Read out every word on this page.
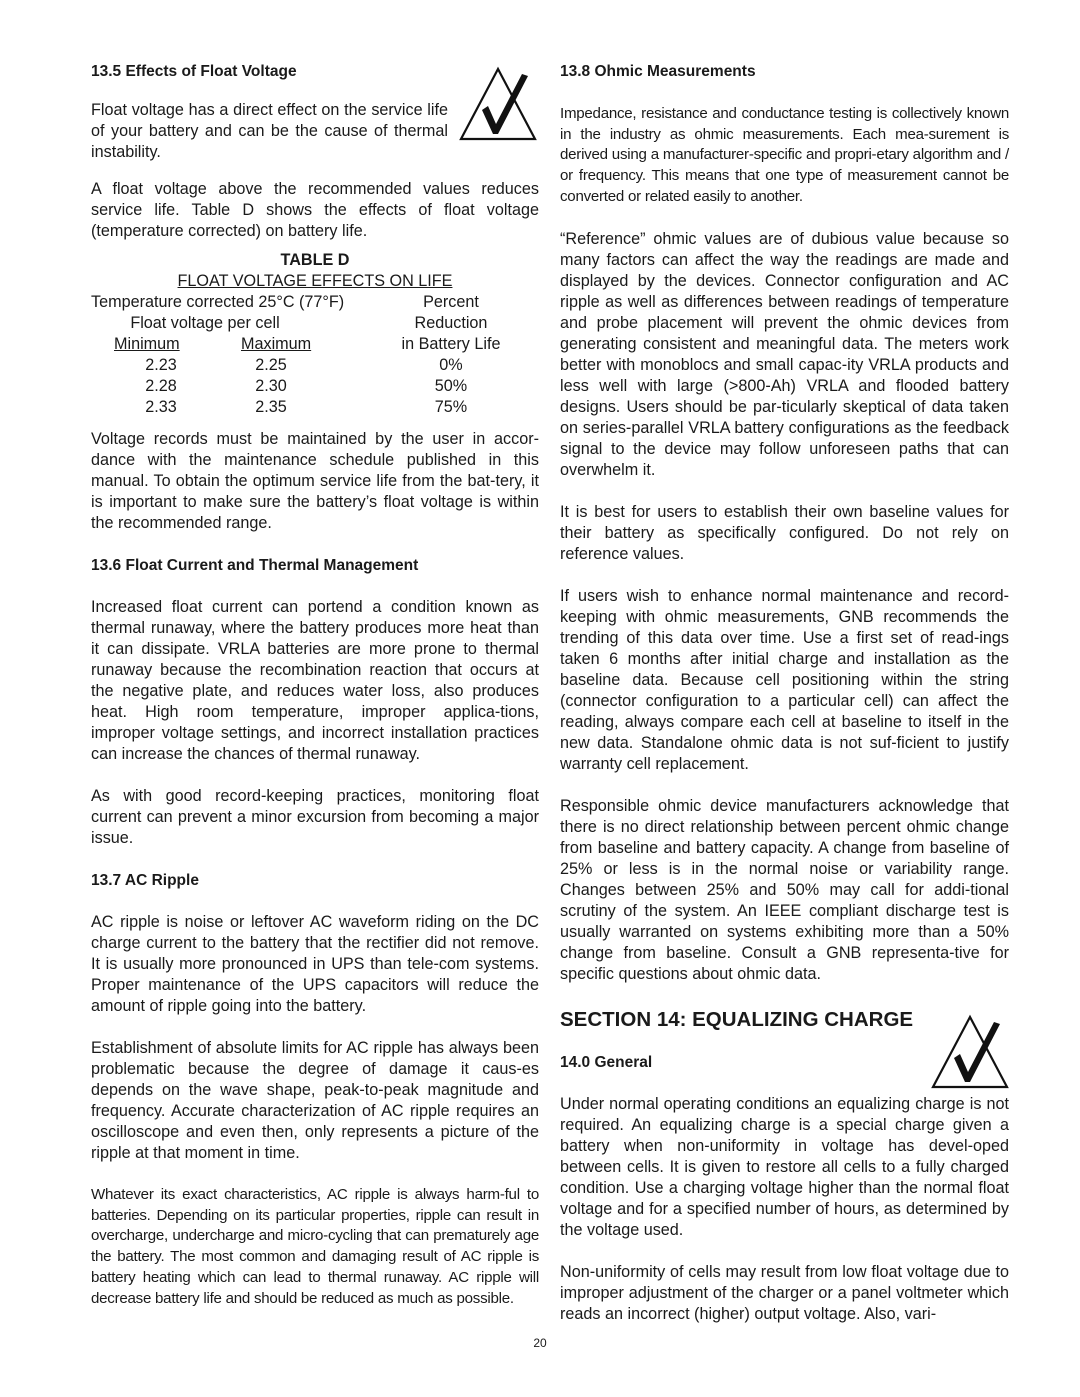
13.5 Effects of Float Voltage
Float voltage has a direct effect on the service life of your battery and can be the cause of thermal instability.
A float voltage above the recommended values reduces service life. Table D shows the effects of float voltage (temperature corrected) on battery life.
TABLE D
FLOAT VOLTAGE EFFECTS ON LIFE
Temperature corrected 25°C (77°F)	Percent
Float voltage per cell	Reduction
Minimum	Maximum	in Battery Life
2.23	2.25	0%
2.28	2.30	50%
2.33	2.35	75%
Voltage records must be maintained by the user in accor-dance with the maintenance schedule published in this manual. To obtain the optimum service life from the bat-tery, it is important to make sure the battery’s float voltage is within the recommended range.
13.6 Float Current and Thermal Management
Increased float current can portend a condition known as thermal runaway, where the battery produces more heat than it can dissipate. VRLA batteries are more prone to thermal runaway because the recombination reaction that occurs at the negative plate, and reduces water loss, also produces heat. High room temperature, improper applica-tions, improper voltage settings, and incorrect installation practices can increase the chances of thermal runaway.
As with good record-keeping practices, monitoring float current can prevent a minor excursion from becoming a major issue.
13.7 AC Ripple
AC ripple is noise or leftover AC waveform riding on the DC charge current to the battery that the rectifier did not remove. It is usually more pronounced in UPS than tele-com systems. Proper maintenance of the UPS capacitors will reduce the amount of ripple going into the battery.
Establishment of absolute limits for AC ripple has always been problematic because the degree of damage it caus-es depends on the wave shape, peak-to-peak magnitude and frequency. Accurate characterization of AC ripple requires an oscilloscope and even then, only represents a picture of the ripple at that moment in time.
Whatever its exact characteristics, AC ripple is always harm-ful to batteries. Depending on its particular properties, ripple can result in overcharge, undercharge and micro-cycling that can prematurely age the battery. The most common and damaging result of AC ripple is battery heating which can lead to thermal runaway. AC ripple will decrease battery life and should be reduced as much as possible.
13.8 Ohmic Measurements
Impedance, resistance and conductance testing is collectively known in the industry as ohmic measurements. Each mea-surement is derived using a manufacturer-specific and propri-etary algorithm and / or frequency. This means that one type of measurement cannot be converted or related easily to another.
“Reference” ohmic values are of dubious value because so many factors can affect the way the readings are made and displayed by the devices. Connector configuration and AC ripple as well as differences between readings of temperature and probe placement will prevent the ohmic devices from generating consistent and meaningful data. The meters work better with monoblocs and small capac-ity VRLA products and less well with large (>800-Ah) VRLA and flooded battery designs. Users should be par-ticularly skeptical of data taken on series-parallel VRLA battery configurations as the feedback signal to the device may follow unforeseen paths that can overwhelm it.
It is best for users to establish their own baseline values for their battery as specifically configured. Do not rely on reference values.
If users wish to enhance normal maintenance and record-keeping with ohmic measurements, GNB recommends the trending of this data over time. Use a first set of read-ings taken 6 months after initial charge and installation as the baseline data. Because cell positioning within the string (connector configuration to a particular cell) can affect the reading, always compare each cell at baseline to itself in the new data. Standalone ohmic data is not suf-ficient to justify warranty cell replacement.
Responsible ohmic device manufacturers acknowledge that there is no direct relationship between percent ohmic change from baseline and battery capacity. A change from baseline of 25% or less is in the normal noise or variability range. Changes between 25% and 50% may call for addi-tional scrutiny of the system. An IEEE compliant discharge test is usually warranted on systems exhibiting more than a 50% change from baseline. Consult a GNB representa-tive for specific questions about ohmic data.
SECTION 14: EQUALIZING CHARGE
14.0 General
Under normal operating conditions an equalizing charge is not required. An equalizing charge is a special charge given a battery when non-uniformity in voltage has devel-oped between cells. It is given to restore all cells to a fully charged condition. Use a charging voltage higher than the normal float voltage and for a specified number of hours, as determined by the voltage used.
Non-uniformity of cells may result from low float voltage due to improper adjustment of the charger or a panel voltmeter which reads an incorrect (higher) output voltage. Also, vari-
20
